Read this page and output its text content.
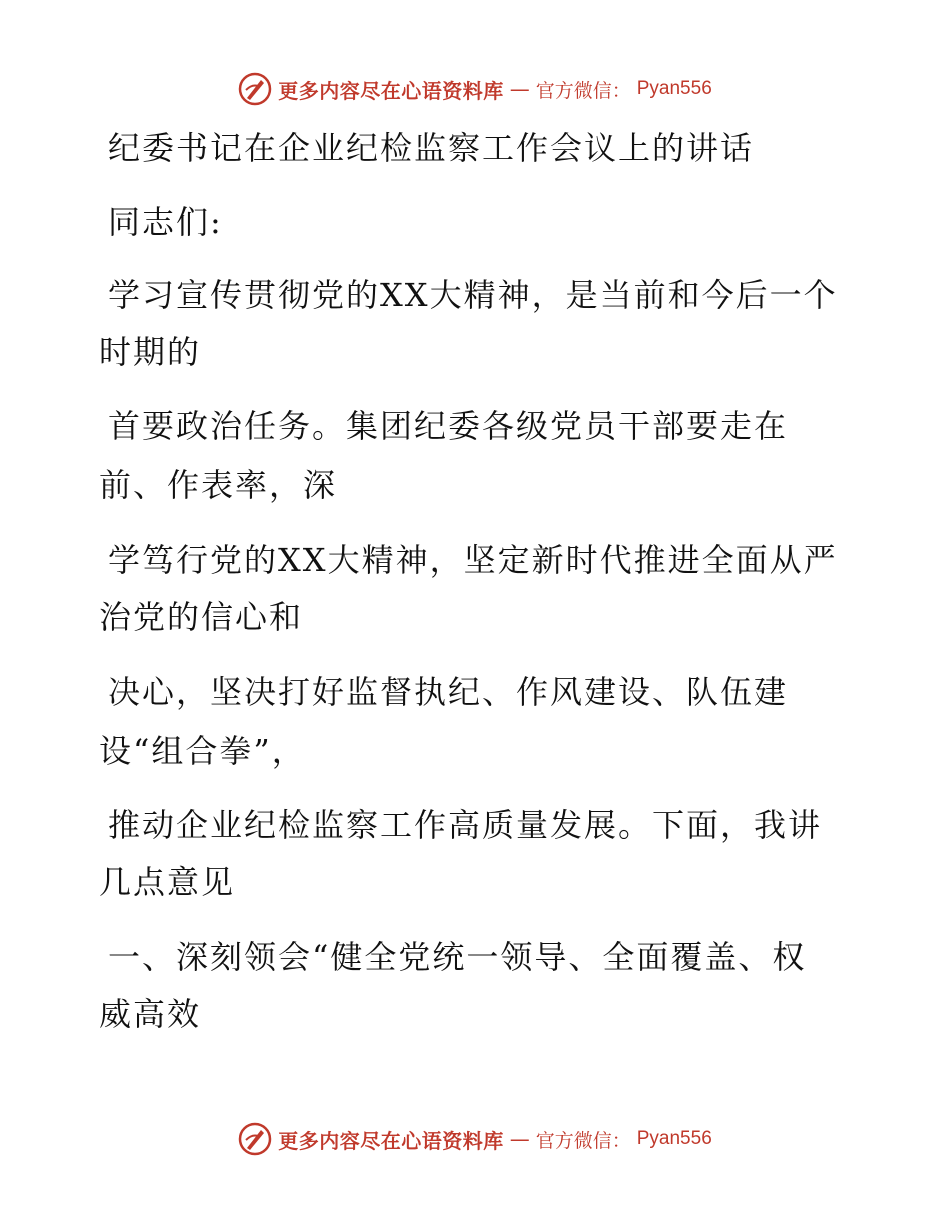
更多内容尽在心语资料库 — 官方微信： Pyan556

纪委书记在企业纪检监察工作会议上的讲话

同志们:

学习宣传贯彻党的XX大精神，是当前和今后一个

时期的

首要政治任务。集团纪委各级党员干部要走在

前、作表率，深

学笃行党的XX大精神，坚定新时代推进全面从严

治党的信心和

决心，坚决打好监督执纪、作风建设、队伍建

设“组合拳”，

推动企业纪检监察工作高质量发展。下面，我讲

几点意见

一、深刻领会“健全党统一领导、全面覆盖、权

威高效

更多内容尽在心语资料库 — 官方微信： Pyan556
